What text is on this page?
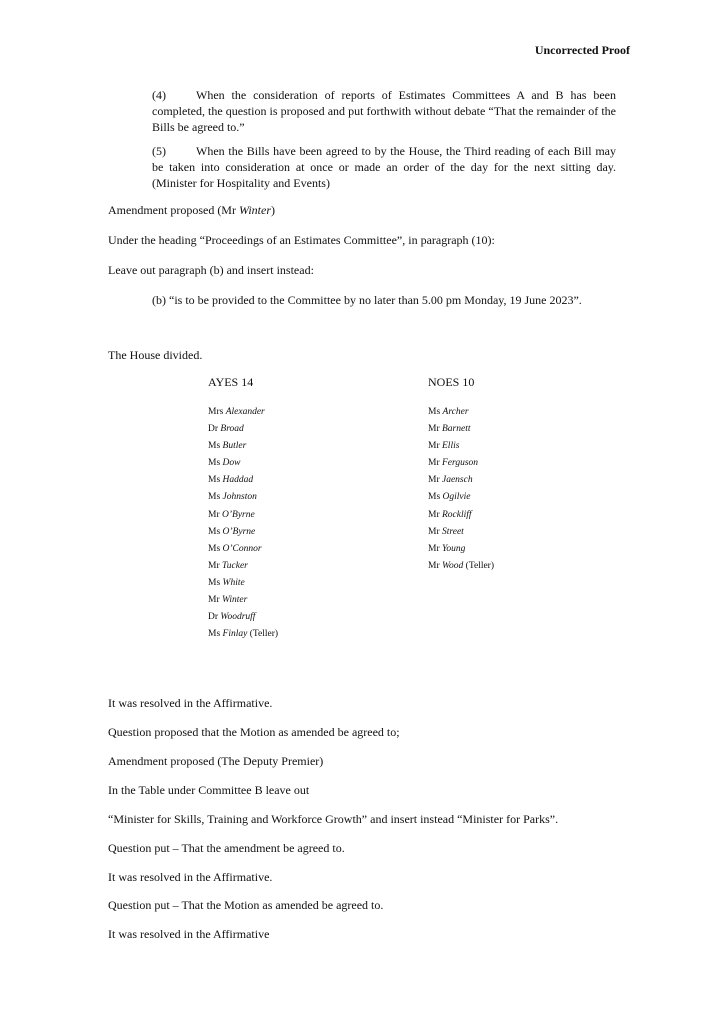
Uncorrected Proof
(4)	When the consideration of reports of Estimates Committees A and B has been completed, the question is proposed and put forthwith without debate “That the remainder of the Bills be agreed to.”
(5)	When the Bills have been agreed to by the House, the Third reading of each Bill may be taken into consideration at once or made an order of the day for the next sitting day. (Minister for Hospitality and Events)
Amendment proposed (Mr Winter)
Under the heading “Proceedings of an Estimates Committee”, in paragraph (10):
Leave out paragraph (b) and insert instead:
(b) “is to be provided to the Committee by no later than 5.00 pm Monday, 19 June 2023”.
The House divided.
AYES 14
Mrs Alexander
Dr Broad
Ms Butler
Ms Dow
Ms Haddad
Ms Johnston
Mr O’Byrne
Ms O’Byrne
Ms O’Connor
Mr Tucker
Ms White
Mr Winter
Dr Woodruff
Ms Finlay (Teller)
NOES 10
Ms Archer
Mr Barnett
Mr Ellis
Mr Ferguson
Mr Jaensch
Ms Ogilvie
Mr Rockliff
Mr Street
Mr Young
Mr Wood (Teller)
It was resolved in the Affirmative.
Question proposed that the Motion as amended be agreed to;
Amendment proposed (The Deputy Premier)
In the Table under Committee B leave out
“Minister for Skills, Training and Workforce Growth” and insert instead “Minister for Parks”.
Question put – That the amendment be agreed to.
It was resolved in the Affirmative.
Question put – That the Motion as amended be agreed to.
It was resolved in the Affirmative
